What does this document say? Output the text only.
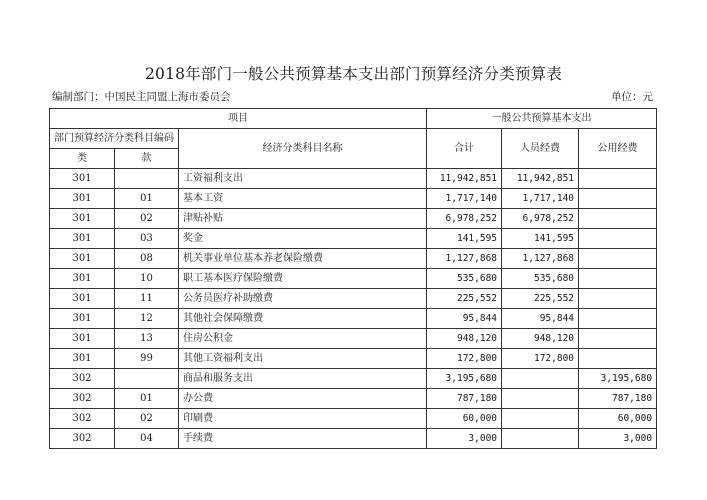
2018年部门一般公共预算基本支出部门预算经济分类预算表
编制部门：中国民主同盟上海市委员会	单位：元
项目			一般公共预算基本支出		
部门预算经济分类科目编码		经济分类科目名称	合计	人员经费	公用经费
类	款				
301		工资福利支出	11,942,851	11,942,851	
301	01	基本工资	1,717,140	1,717,140	
301	02	津贴补贴	6,978,252	6,978,252	
301	03	奖金	141,595	141,595	
301	08	机关事业单位基本养老保险缴费	1,127,868	1,127,868	
301	10	职工基本医疗保险缴费	535,680	535,680	
301	11	公务员医疗补助缴费	225,552	225,552	
301	12	其他社会保障缴费	95,844	95,844	
301	13	住房公积金	948,120	948,120	
301	99	其他工资福利支出	172,800	172,800	
302		商品和服务支出	3,195,680		3,195,680
302	01	办公费	787,180		787,180
302	02	印刷费	60,000		60,000
302	04	手续费	3,000		3,000
